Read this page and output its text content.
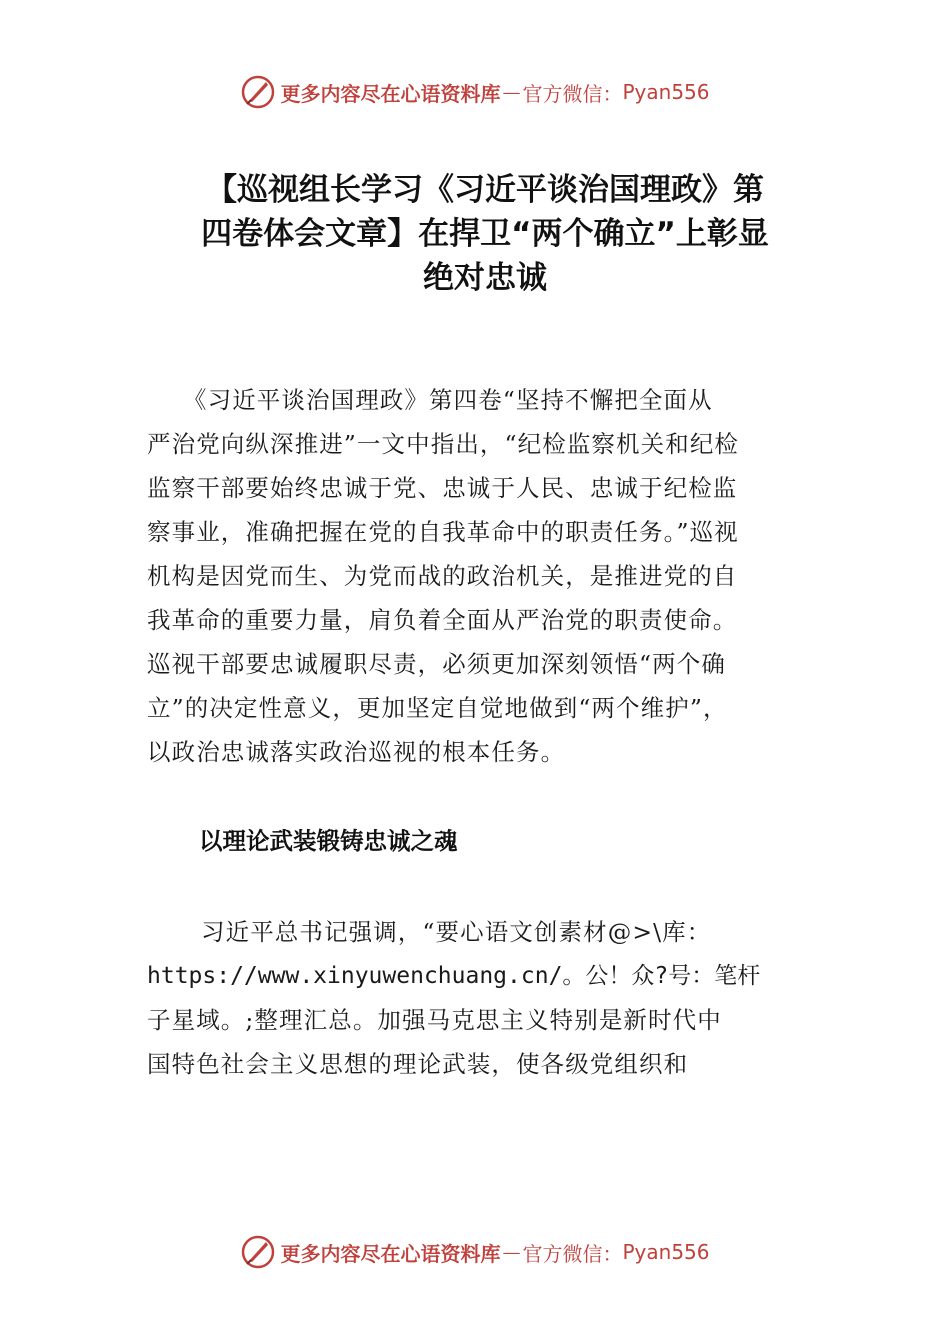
更多内容尽在心语资料库 — 官方微信： Pyan556
【巡视组长学习《习近平谈治国理政》第
四卷体会文章】在捍卫“两个确立”上彰显
绝对忠诚
《习近平谈治国理政》第四卷“坚持不懈把全面从
严治党向纵深推进”一文中指出，“纪检监察机关和纪检
监察干部要始终忠诚于党、忠诚于人民、忠诚于纪检监
察事业，准确把握在党的自我革命中的职责任务。”巡视
机构是因党而生、为党而战的政治机关，是推进党的自
我革命的重要力量，肩负着全面从严治党的职责使命。
巡视干部要忠诚履职尽责，必须更加深刻领悟“两个确
立”的决定性意义，更加坚定自觉地做到“两个维护”，
以政治忠诚落实政治巡视的根本任务。
以理论武装锻铸忠诚之魂
习近平总书记强调，“要心语文创素材@>\库：
https://www.xinyuwenchuang.cn/。公！众?号：笔杆
子星域。;整理汇总。加强马克思主义特别是新时代中
国特色社会主义思想的理论武装，使各级党组织和
更多内容尽在心语资料库 — 官方微信： Pyan556
